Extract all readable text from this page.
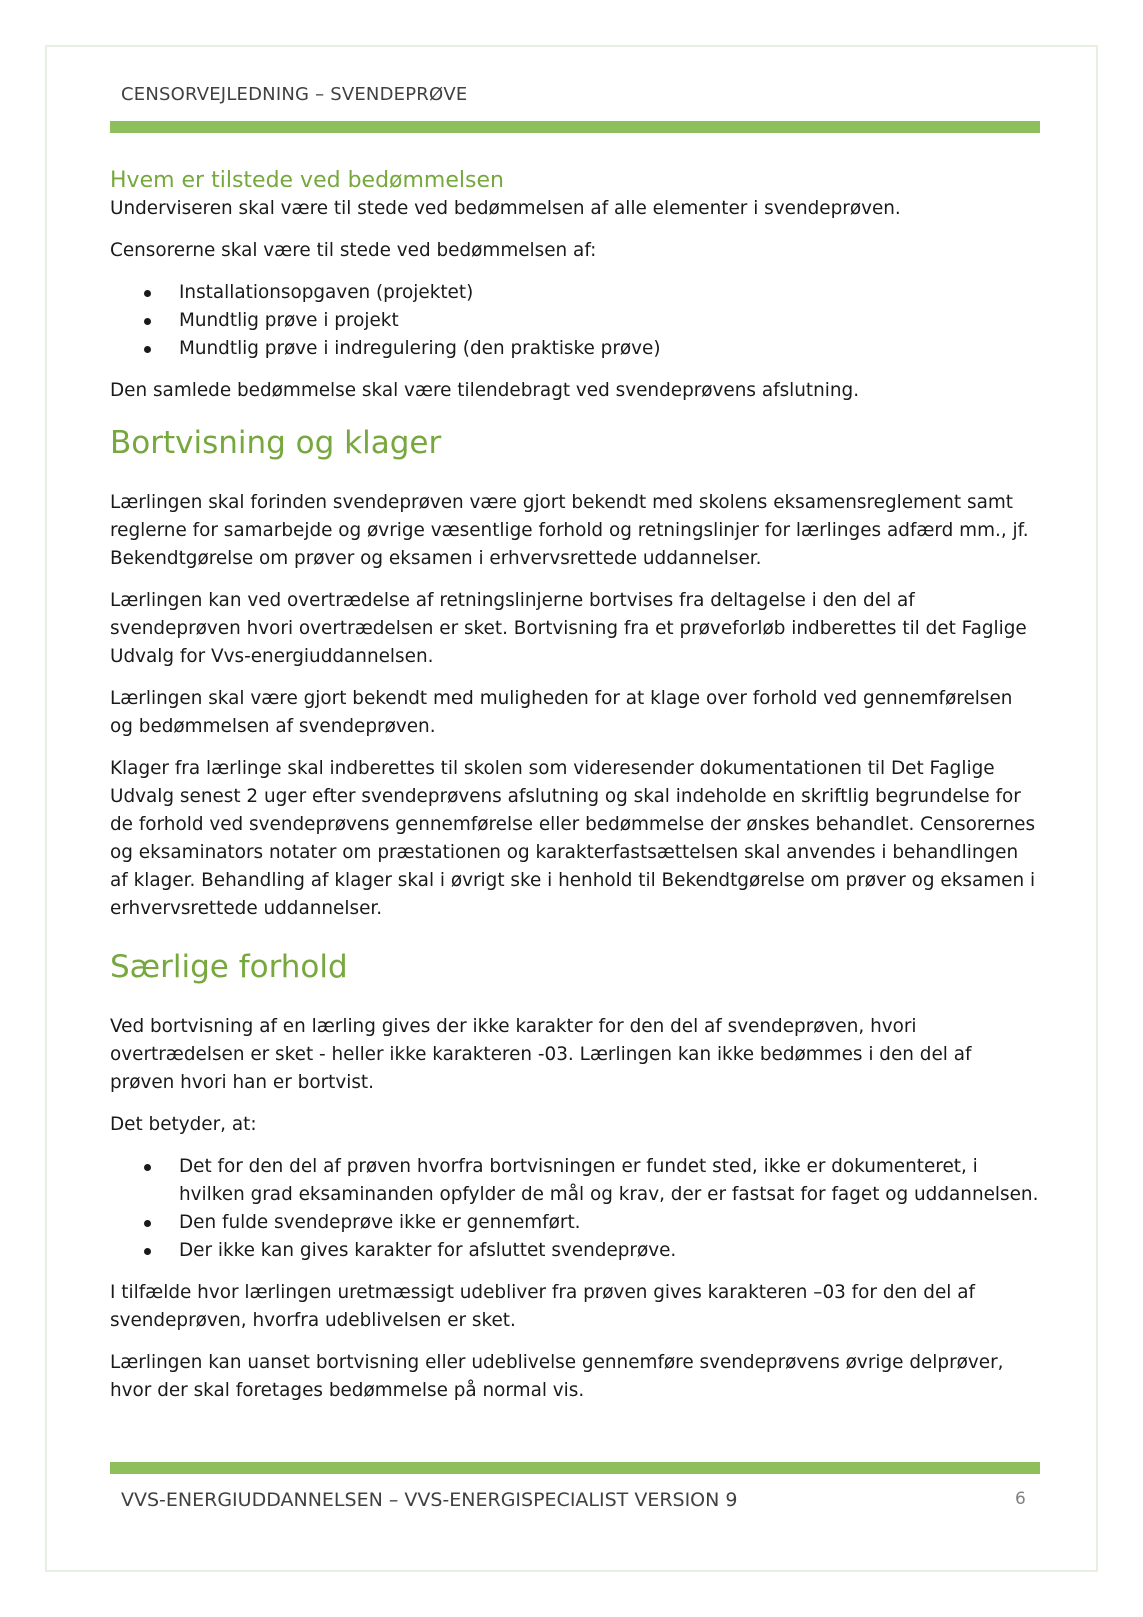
CENSORVEJLEDNING – SVENDEPRØVE
Hvem er tilstede ved bedømmelsen

Underviseren skal være til stede ved bedømmelsen af alle elementer i svendeprøven.

Censorerne skal være til stede ved bedømmelsen af:

Installationsopgaven (projektet)
Mundtlig prøve i projekt
Mundtlig prøve i indregulering (den praktiske prøve)

Den samlede bedømmelse skal være tilendebragt ved svendeprøvens afslutning.

Bortvisning og klager

Lærlingen skal forinden svendeprøven være gjort bekendt med skolens eksamensreglement samt reglerne for samarbejde og øvrige væsentlige forhold og retningslinjer for lærlinges adfærd mm., jf. Bekendtgørelse om prøver og eksamen i erhvervsrettede uddannelser.

Lærlingen kan ved overtrædelse af retningslinjerne bortvises fra deltagelse i den del af svendeprøven hvori overtrædelsen er sket. Bortvisning fra et prøveforløb indberettes til det Faglige Udvalg for Vvs-energiuddannelsen.

Lærlingen skal være gjort bekendt med muligheden for at klage over forhold ved gennemførelsen og bedømmelsen af svendeprøven.

Klager fra lærlinge skal indberettes til skolen som videresender dokumentationen til Det Faglige Udvalg senest 2 uger efter svendeprøvens afslutning og skal indeholde en skriftlig begrundelse for de forhold ved svendeprøvens gennemførelse eller bedømmelse der ønskes behandlet. Censorernes og eksaminators notater om præstationen og karakterfastsættelsen skal anvendes i behandlingen af klager. Behandling af klager skal i øvrigt ske i henhold til Bekendtgørelse om prøver og eksamen i erhvervsrettede uddannelser.

Særlige forhold

Ved bortvisning af en lærling gives der ikke karakter for den del af svendeprøven, hvori overtrædelsen er sket - heller ikke karakteren -03. Lærlingen kan ikke bedømmes i den del af prøven hvori han er bortvist.

Det betyder, at:

Det for den del af prøven hvorfra bortvisningen er fundet sted, ikke er dokumenteret, i hvilken grad eksaminanden opfylder de mål og krav, der er fastsat for faget og uddannelsen.
Den fulde svendeprøve ikke er gennemført.
Der ikke kan gives karakter for afsluttet svendeprøve.

I tilfælde hvor lærlingen uretmæssigt udebliver fra prøven gives karakteren –03 for den del af svendeprøven, hvorfra udeblivelsen er sket.

Lærlingen kan uanset bortvisning eller udeblivelse gennemføre svendeprøvens øvrige delprøver, hvor der skal foretages bedømmelse på normal vis.

VVS-ENERGIUDDANNELSEN – VVS-ENERGISPECIALIST VERSION 9	6
